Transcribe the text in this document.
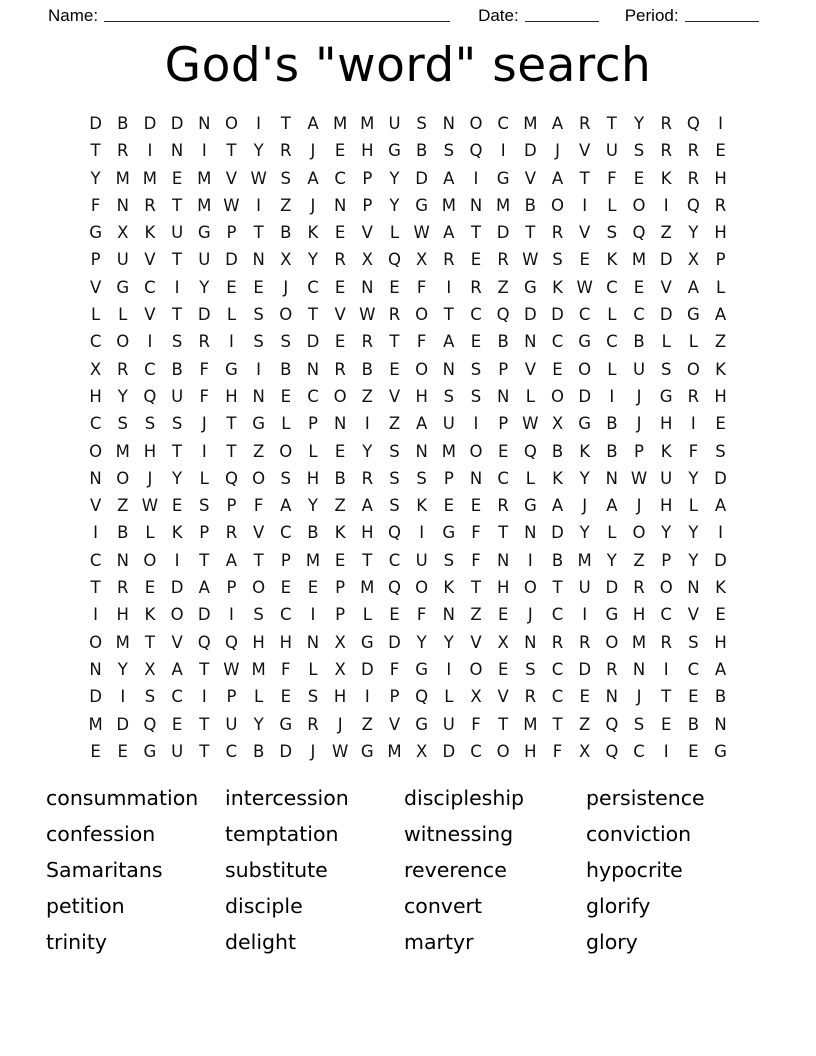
Name:	Date:	Period:
God's "word" search
D B D D N O	I	T A M M U S N O C M A R T	Y R Q	I
T R	I	N	I	T	Y R	J	E H G B S Q	I	D	J	V U S R R E
Y M M E M V W S A C P	Y D A	I	G V A T	F	E	K R H
F N R T M W	I	Z	J	N P	Y G M N M B O	I	L O	I	Q R
G X K U G P	T B K	E V	L W A T D T R V S Q Z Y H
P U V T U D N X Y R X Q X R E R W S	E	K M D X	P
V G C	I	Y	E	E	J	C E N E	F	I	R Z G K W C E V A	L
L	L	V T D L	S O T V W R O T C Q D D C	L	C D G A
C O	I	S R	I	S	S D E R T	F	A E B N C G C B	L	L	Z
X R C B	F G	I	B N R B E O N S	P	V E O L	U S O K
H Y Q U F H N E C O Z V H S	S N L O D	I	J	G R H
C S	S	S	J	T G L	P N	I	Z A U	I	P W X G B	J	H	I	E
O M H T	I	T Z O L	E	Y	S N M O E Q B K B	P	K	F	S
N O	J	Y	L Q O S H B R S	S	P N C	L	K	Y N W U Y D
V Z W E	S	P	F	A Y Z A S	K	E	E R G A	J	A	J	H L	A
I	B	L	K	P R V C B K H Q	I	G F	T N D Y	L O Y	Y	I
C N O	I	T A T	P M E	T C U S	F N	I	B M Y Z	P	Y D
T R E D A	P O E	E	P M Q O K	T H O T U D R O N K
I	H K O D	I	S C	I	P	L	E	F N Z E	J	C	I	G H C V E
O M T V Q Q H H N X G D Y	Y V X N R R O M R S H
N Y X A T W M F	L	X D F G	I	O E	S C D R N	I	C A
D	I	S C	I	P	L	E	S H	I	P Q L	X V R C E N	J	T	E B
M D Q E	T U Y G R	J	Z V G U F	T M T Z Q S	E B N
E	E G U T C B D	J	W G M X D C O H F	X Q C	I	E G
consummation
confession
Samaritans
petition
trinity
intercession
temptation
substitute
disciple
delight
discipleship
witnessing
reverence
convert
martyr
persistence
conviction
hypocrite
glorify
glory
